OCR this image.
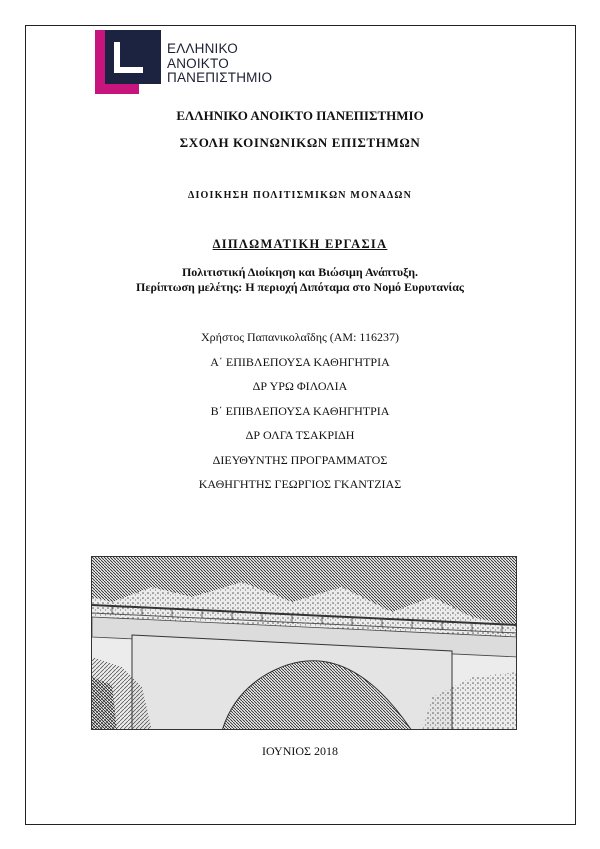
ΕΛΛΗΝΙΚΟ
ΑΝΟΙΚΤΟ
ΠΑΝΕΠΙΣΤΗΜΙΟ
ΕΛΛΗΝΙΚΟ ΑΝΟΙΚΤΟ ΠΑΝΕΠΙΣΤΗΜΙΟ
ΣΧΟΛΗ ΚΟΙΝΩΝΙΚΩΝ ΕΠΙΣΤΗΜΩΝ
ΔΙΟΙΚΗΣΗ ΠΟΛΙΤΙΣΜΙΚΩΝ ΜΟΝΑΔΩΝ
ΔΙΠΛΩΜΑΤΙΚΗ ΕΡΓΑΣΙΑ
Πολιτιστική Διοίκηση και Βιώσιμη Ανάπτυξη.
Περίπτωση μελέτης: Η περιοχή Διπόταμα στο Νομό Ευρυτανίας
Χρήστος Παπανικολαΐδης (ΑΜ: 116237)
Α΄ ΕΠΙΒΛΕΠΟΥΣΑ ΚΑΘΗΓΗΤΡΙΑ
ΔΡ ΥΡΩ ΦΙΛΟΛΙΑ
Β΄ ΕΠΙΒΛΕΠΟΥΣΑ ΚΑΘΗΓΗΤΡΙΑ
ΔΡ ΟΛΓΑ ΤΣΑΚΡΙΔΗ
ΔΙΕΥΘΥΝΤΗΣ ΠΡΟΓΡΑΜΜΑΤΟΣ
ΚΑΘΗΓΗΤΗΣ ΓΕΩΡΓΙΟΣ ΓΚΑΝΤΖΙΑΣ
ΙΟΥΝΙΟΣ 2018
